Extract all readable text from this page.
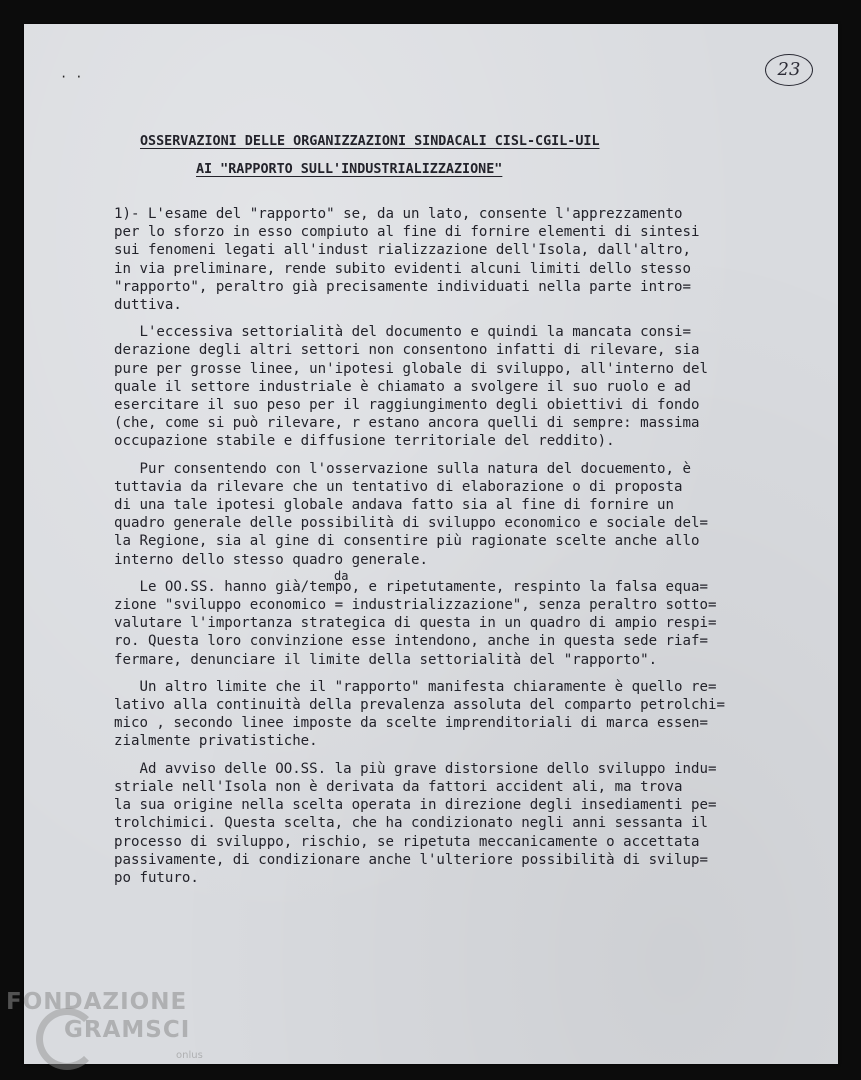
23
··
OSSERVAZIONI DELLE ORGANIZZAZIONI SINDACALI CISL-CGIL-UIL
AI "RAPPORTO SULL'INDUSTRIALIZZAZIONE"

1)- L'esame del "rapporto" se, da un lato, consente l'apprezzamento
per lo sforzo in esso compiuto al fine di fornire elementi di sintesi
sui fenomeni legati all'indust rializzazione dell'Isola, dall'altro,
in via preliminare, rende subito evidenti alcuni limiti dello stesso
"rapporto", peraltro già precisamente individuati nella parte intro=
duttiva.

L'eccessiva settorialità del documento e quindi la mancata consi=
derazione degli altri settori non consentono infatti di rilevare, sia
pure per grosse linee, un'ipotesi globale di sviluppo, all'interno del
quale il settore industriale è chiamato a svolgere il suo ruolo e ad
esercitare il suo peso per il raggiungimento degli obiettivi di fondo
(che, come si può rilevare, r estano ancora quelli di sempre: massima
occupazione stabile e diffusione territoriale del reddito).

Pur consentendo con l'osservazione sulla natura del docuemento, è
tuttavia da rilevare che un tentativo di elaborazione o di proposta
di una tale ipotesi globale andava fatto sia al fine di fornire un
quadro generale delle possibilità di sviluppo economico e sociale del=
la Regione, sia al gine di consentire più ragionate scelte anche allo
interno dello stesso quadro generale.

Le OO.SS. hanno già/tempo, e ripetutamente, respinto la falsa equa=
zione "sviluppo economico = industrializzazione", senza peraltro sotto=
valutare l'importanza strategica di questa in un quadro di ampio respi=
ro. Questa loro convinzione esse intendono, anche in questa sede riaf=
fermare, denunciare il limite della settorialità del "rapporto".

Un altro limite che il "rapporto" manifesta chiaramente è quello re=
lativo alla continuità della prevalenza assoluta del comparto petrolchi=
mico , secondo linee imposte da scelte imprenditoriali di marca essen=
zialmente privatistiche.

Ad avviso delle OO.SS. la più grave distorsione dello sviluppo indu=
striale nell'Isola non è derivata da fattori accident ali, ma trova
la sua origine nella scelta operata in direzione degli insediamenti pe=
trolchimici. Questa scelta, che ha condizionato negli anni sessanta il
processo di sviluppo, rischio, se ripetuta meccanicamente o accettata
passivamente, di condizionare anche l'ulteriore possibilità di svilup=
po futuro.

da
FONDAZIONE
GRAMSCI
onlus
